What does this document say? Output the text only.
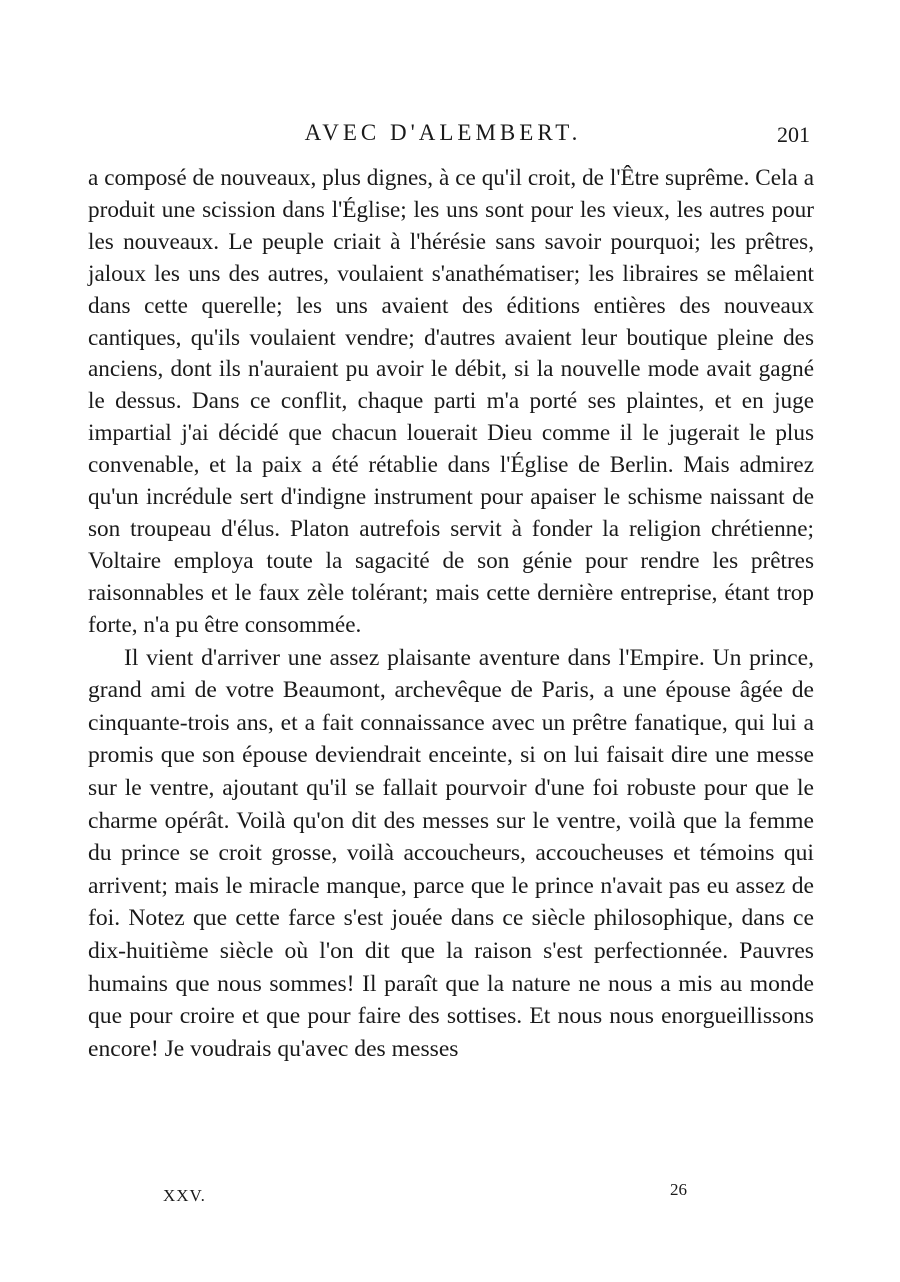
AVEC D'ALEMBERT.	201

a composé de nouveaux, plus dignes, à ce qu'il croit, de l'Être suprême. Cela a produit une scission dans l'Église; les uns sont pour les vieux, les autres pour les nouveaux. Le peuple criait à l'hérésie sans savoir pourquoi; les prêtres, jaloux les uns des autres, voulaient s'anathématiser; les libraires se mêlaient dans cette querelle; les uns avaient des éditions entières des nouveaux cantiques, qu'ils voulaient vendre; d'autres avaient leur boutique pleine des anciens, dont ils n'auraient pu avoir le débit, si la nouvelle mode avait gagné le dessus. Dans ce conflit, chaque parti m'a porté ses plaintes, et en juge impartial j'ai décidé que chacun louerait Dieu comme il le jugerait le plus convenable, et la paix a été rétablie dans l'Église de Berlin. Mais admirez qu'un incrédule sert d'indigne instrument pour apaiser le schisme naissant de son troupeau d'élus. Platon autrefois servit à fonder la religion chrétienne; Voltaire employa toute la sagacité de son génie pour rendre les prêtres raisonnables et le faux zèle tolérant; mais cette dernière entreprise, étant trop forte, n'a pu être consommée.

Il vient d'arriver une assez plaisante aventure dans l'Empire. Un prince, grand ami de votre Beaumont, archevêque de Paris, a une épouse âgée de cinquante-trois ans, et a fait connaissance avec un prêtre fanatique, qui lui a promis que son épouse deviendrait enceinte, si on lui faisait dire une messe sur le ventre, ajoutant qu'il se fallait pourvoir d'une foi robuste pour que le charme opérât. Voilà qu'on dit des messes sur le ventre, voilà que la femme du prince se croit grosse, voilà accoucheurs, accoucheuses et témoins qui arrivent; mais le miracle manque, parce que le prince n'avait pas eu assez de foi. Notez que cette farce s'est jouée dans ce siècle philosophique, dans ce dix-huitième siècle où l'on dit que la raison s'est perfectionnée. Pauvres humains que nous sommes! Il paraît que la nature ne nous a mis au monde que pour croire et que pour faire des sottises. Et nous nous enorgueillissons encore! Je voudrais qu'avec des messes

XXV.	26
